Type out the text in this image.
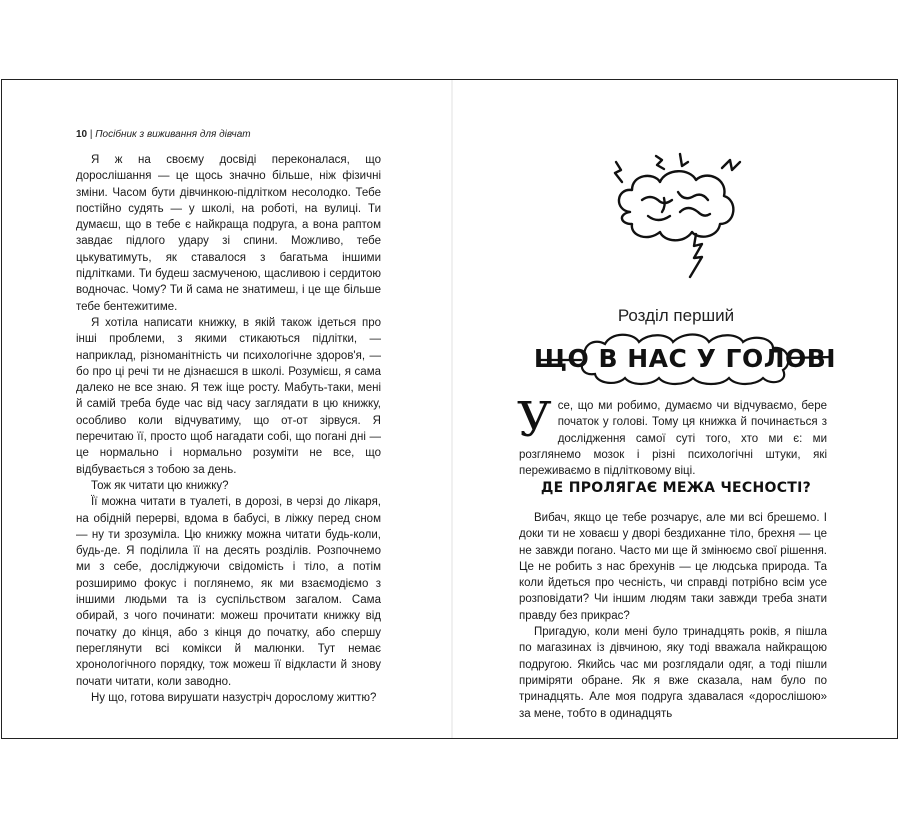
10 | Посібник з виживання для дівчат

Я ж на своєму досвіді переконалася, що дорослішання — це щось значно більше, ніж фізичні зміни. Часом бути дівчинкою-підлітком несолодко. Тебе постійно судять — у школі, на роботі, на вулиці. Ти думаєш, що в тебе є найкраща подруга, а вона раптом завдає підлого удару зі спини. Можливо, тебе цькуватимуть, як ставалося з багатьма іншими підлітками. Ти будеш засмученою, щасливою і сердитою водночас. Чому? Ти й сама не знатимеш, і це ще більше тебе бентежитиме.

Я хотіла написати книжку, в якій також ідеться про інші проблеми, з якими стикаються підлітки, — наприклад, різноманітність чи психологічне здоров'я, — бо про ці речі ти не дізнаєшся в школі. Розумієш, я сама далеко не все знаю. Я теж іще росту. Мабуть-таки, мені й самій треба буде час від часу заглядати в цю книжку, особливо коли відчуватиму, що от-от зірвуся. Я перечитаю її, просто щоб нагадати собі, що погані дні — це нормально і нормально розуміти не все, що відбувається з тобою за день.

Тож як читати цю книжку?

Її можна читати в туалеті, в дорозі, в черзі до лікаря, на обідній перерві, вдома в бабусі, в ліжку перед сном — ну ти зрозуміла. Цю книжку можна читати будь-коли, будь-де. Я поділила її на десять розділів. Розпочнемо ми з себе, досліджуючи свідомість і тіло, а потім розширимо фокус і поглянемо, як ми взаємодіємо з іншими людьми та із суспільством загалом. Сама обирай, з чого починати: можеш прочитати книжку від початку до кінця, або з кінця до початку, або спершу переглянути всі комікси й малюнки. Тут немає хронологічного порядку, тож можеш її відкласти й знову почати читати, коли заводно.

Ну що, готова вирушати назустріч дорослому життю?

Розділ перший
ЩО В НАС У ГОЛОВІ
У се, що ми робимо, думаємо чи відчуваємо, бере початок у голові. Тому ця книжка й починається з дослідження самої суті того, хто ми є: ми розглянемо мозок і різні психологічні штуки, які переживаємо в підлітковому віці.

ДЕ ПРОЛЯГАЄ МЕЖА ЧЕСНОСТІ?

Вибач, якщо це тебе розчарує, але ми всі брешемо. І доки ти не ховаєш у дворі бездиханне тіло, брехня — це не завжди погано. Часто ми ще й змінюємо свої рішення. Це не робить з нас брехунів — це людська природа. Та коли йдеться про чесність, чи справді потрібно всім усе розповідати? Чи іншим людям таки завжди треба знати правду без прикрас?

Пригадую, коли мені було тринадцять років, я пішла по магазинах із дівчиною, яку тоді вважала найкращою подругою. Якийсь час ми розглядали одяг, а тоді пішли приміряти обране. Як я вже сказала, нам було по тринадцять. Але моя подруга здавалася «дорослішою» за мене, тобто в одинадцять
